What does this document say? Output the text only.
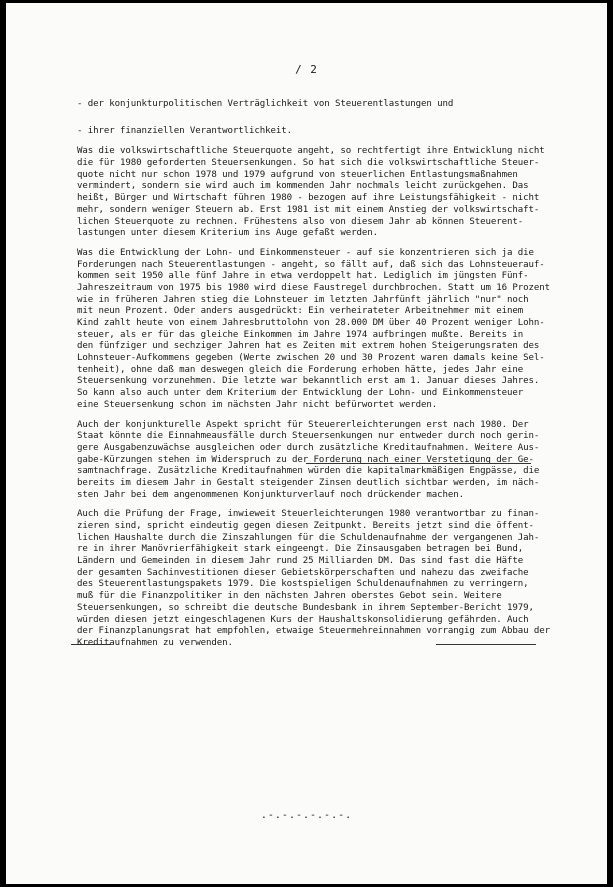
/ 2
- der konjunkturpolitischen Verträglichkeit von Steuerentlastungen und
- ihrer finanziellen Verantwortlichkeit.
Was die volkswirtschaftliche Steuerquote angeht, so rechtfertigt ihre Entwicklung nicht
die für 1980 geforderten Steuersenkungen. So hat sich die volkswirtschaftliche Steuer-
quote nicht nur schon 1978 und 1979 aufgrund von steuerlichen Entlastungsmaßnahmen
vermindert, sondern sie wird auch im kommenden Jahr nochmals leicht zurückgehen. Das
heißt, Bürger und Wirtschaft führen 1980 - bezogen auf ihre Leistungsfähigkeit - nicht
mehr, sondern weniger Steuern ab. Erst 1981 ist mit einem Anstieg der volkswirtschaft-
lichen Steuerquote zu rechnen. Frühestens also von diesem Jahr ab können Steuerent-
lastungen unter diesem Kriterium ins Auge gefaßt werden.
Was die Entwicklung der Lohn- und Einkommensteuer - auf sie konzentrieren sich ja die
Forderungen nach Steuerentlastungen - angeht, so fällt auf, daß sich das Lohnsteuerauf-
kommen seit 1950 alle fünf Jahre in etwa verdoppelt hat. Lediglich im jüngsten Fünf-
Jahreszeitraum von 1975 bis 1980 wird diese Faustregel durchbrochen. Statt um 16 Prozent
wie in früheren Jahren stieg die Lohnsteuer im letzten Jahrfünft jährlich "nur" noch
mit neun Prozent. Oder anders ausgedrückt: Ein verheirateter Arbeitnehmer mit einem
Kind zahlt heute von einem Jahresbruttolohn von 28.000 DM über 40 Prozent weniger Lohn-
steuer, als er für das gleiche Einkommen im Jahre 1974 aufbringen mußte. Bereits in
den fünfziger und sechziger Jahren hat es Zeiten mit extrem hohen Steigerungsraten des
Lohnsteuer-Aufkommens gegeben (Werte zwischen 20 und 30 Prozent waren damals keine Sel-
tenheit), ohne daß man deswegen gleich die Forderung erhoben hätte, jedes Jahr eine
Steuersenkung vorzunehmen. Die letzte war bekanntlich erst am 1. Januar dieses Jahres.
So kann also auch unter dem Kriterium der Entwicklung der Lohn- und Einkommensteuer
eine Steuersenkung schon im nächsten Jahr nicht befürwortet werden.
Auch der konjunkturelle Aspekt spricht für Steuererleichterungen erst nach 1980. Der
Staat könnte die Einnahmeausfälle durch Steuersenkungen nur entweder durch noch gerin-
gere Ausgabenzuwächse ausgleichen oder durch zusätzliche Kreditaufnahmen. Weitere Aus-
gabe-Kürzungen stehen im Widerspruch zu der Forderung nach einer Verstetigung der Ge-
samtnachfrage. Zusätzliche Kreditaufnahmen würden die kapitalmarkmäßigen Engpässe, die
bereits im diesem Jahr in Gestalt steigender Zinsen deutlich sichtbar werden, im näch-
sten Jahr bei dem angenommenen Konjunkturverlauf noch drückender machen.
Auch die Prüfung der Frage, inwieweit Steuerleichterungen 1980 verantwortbar zu finan-
zieren sind, spricht eindeutig gegen diesen Zeitpunkt. Bereits jetzt sind die öffent-
lichen Haushalte durch die Zinszahlungen für die Schuldenaufnahme der vergangenen Jah-
re in ihrer Manövrierfähigkeit stark eingeengt. Die Zinsausgaben betragen bei Bund,
Ländern und Gemeinden in diesem Jahr rund 25 Milliarden DM. Das sind fast die Häfte
der gesamten Sachinvestitionen dieser Gebietskörperschaften und nahezu das zweifache
des Steuerentlastungspakets 1979. Die kostspieligen Schuldenaufnahmen zu verringern,
muß für die Finanzpolitiker in den nächsten Jahren oberstes Gebot sein. Weitere
Steuersenkungen, so schreibt die deutsche Bundesbank in ihrem September-Bericht 1979,
würden diesen jetzt eingeschlagenen Kurs der Haushaltskonsolidierung gefährden. Auch
der Finanzplanungsrat hat empfohlen, etwaige Steuermehreinnahmen vorrangig zum Abbau der
Kreditaufnahmen zu verwenden.
.-.-.-.-.-.-.
